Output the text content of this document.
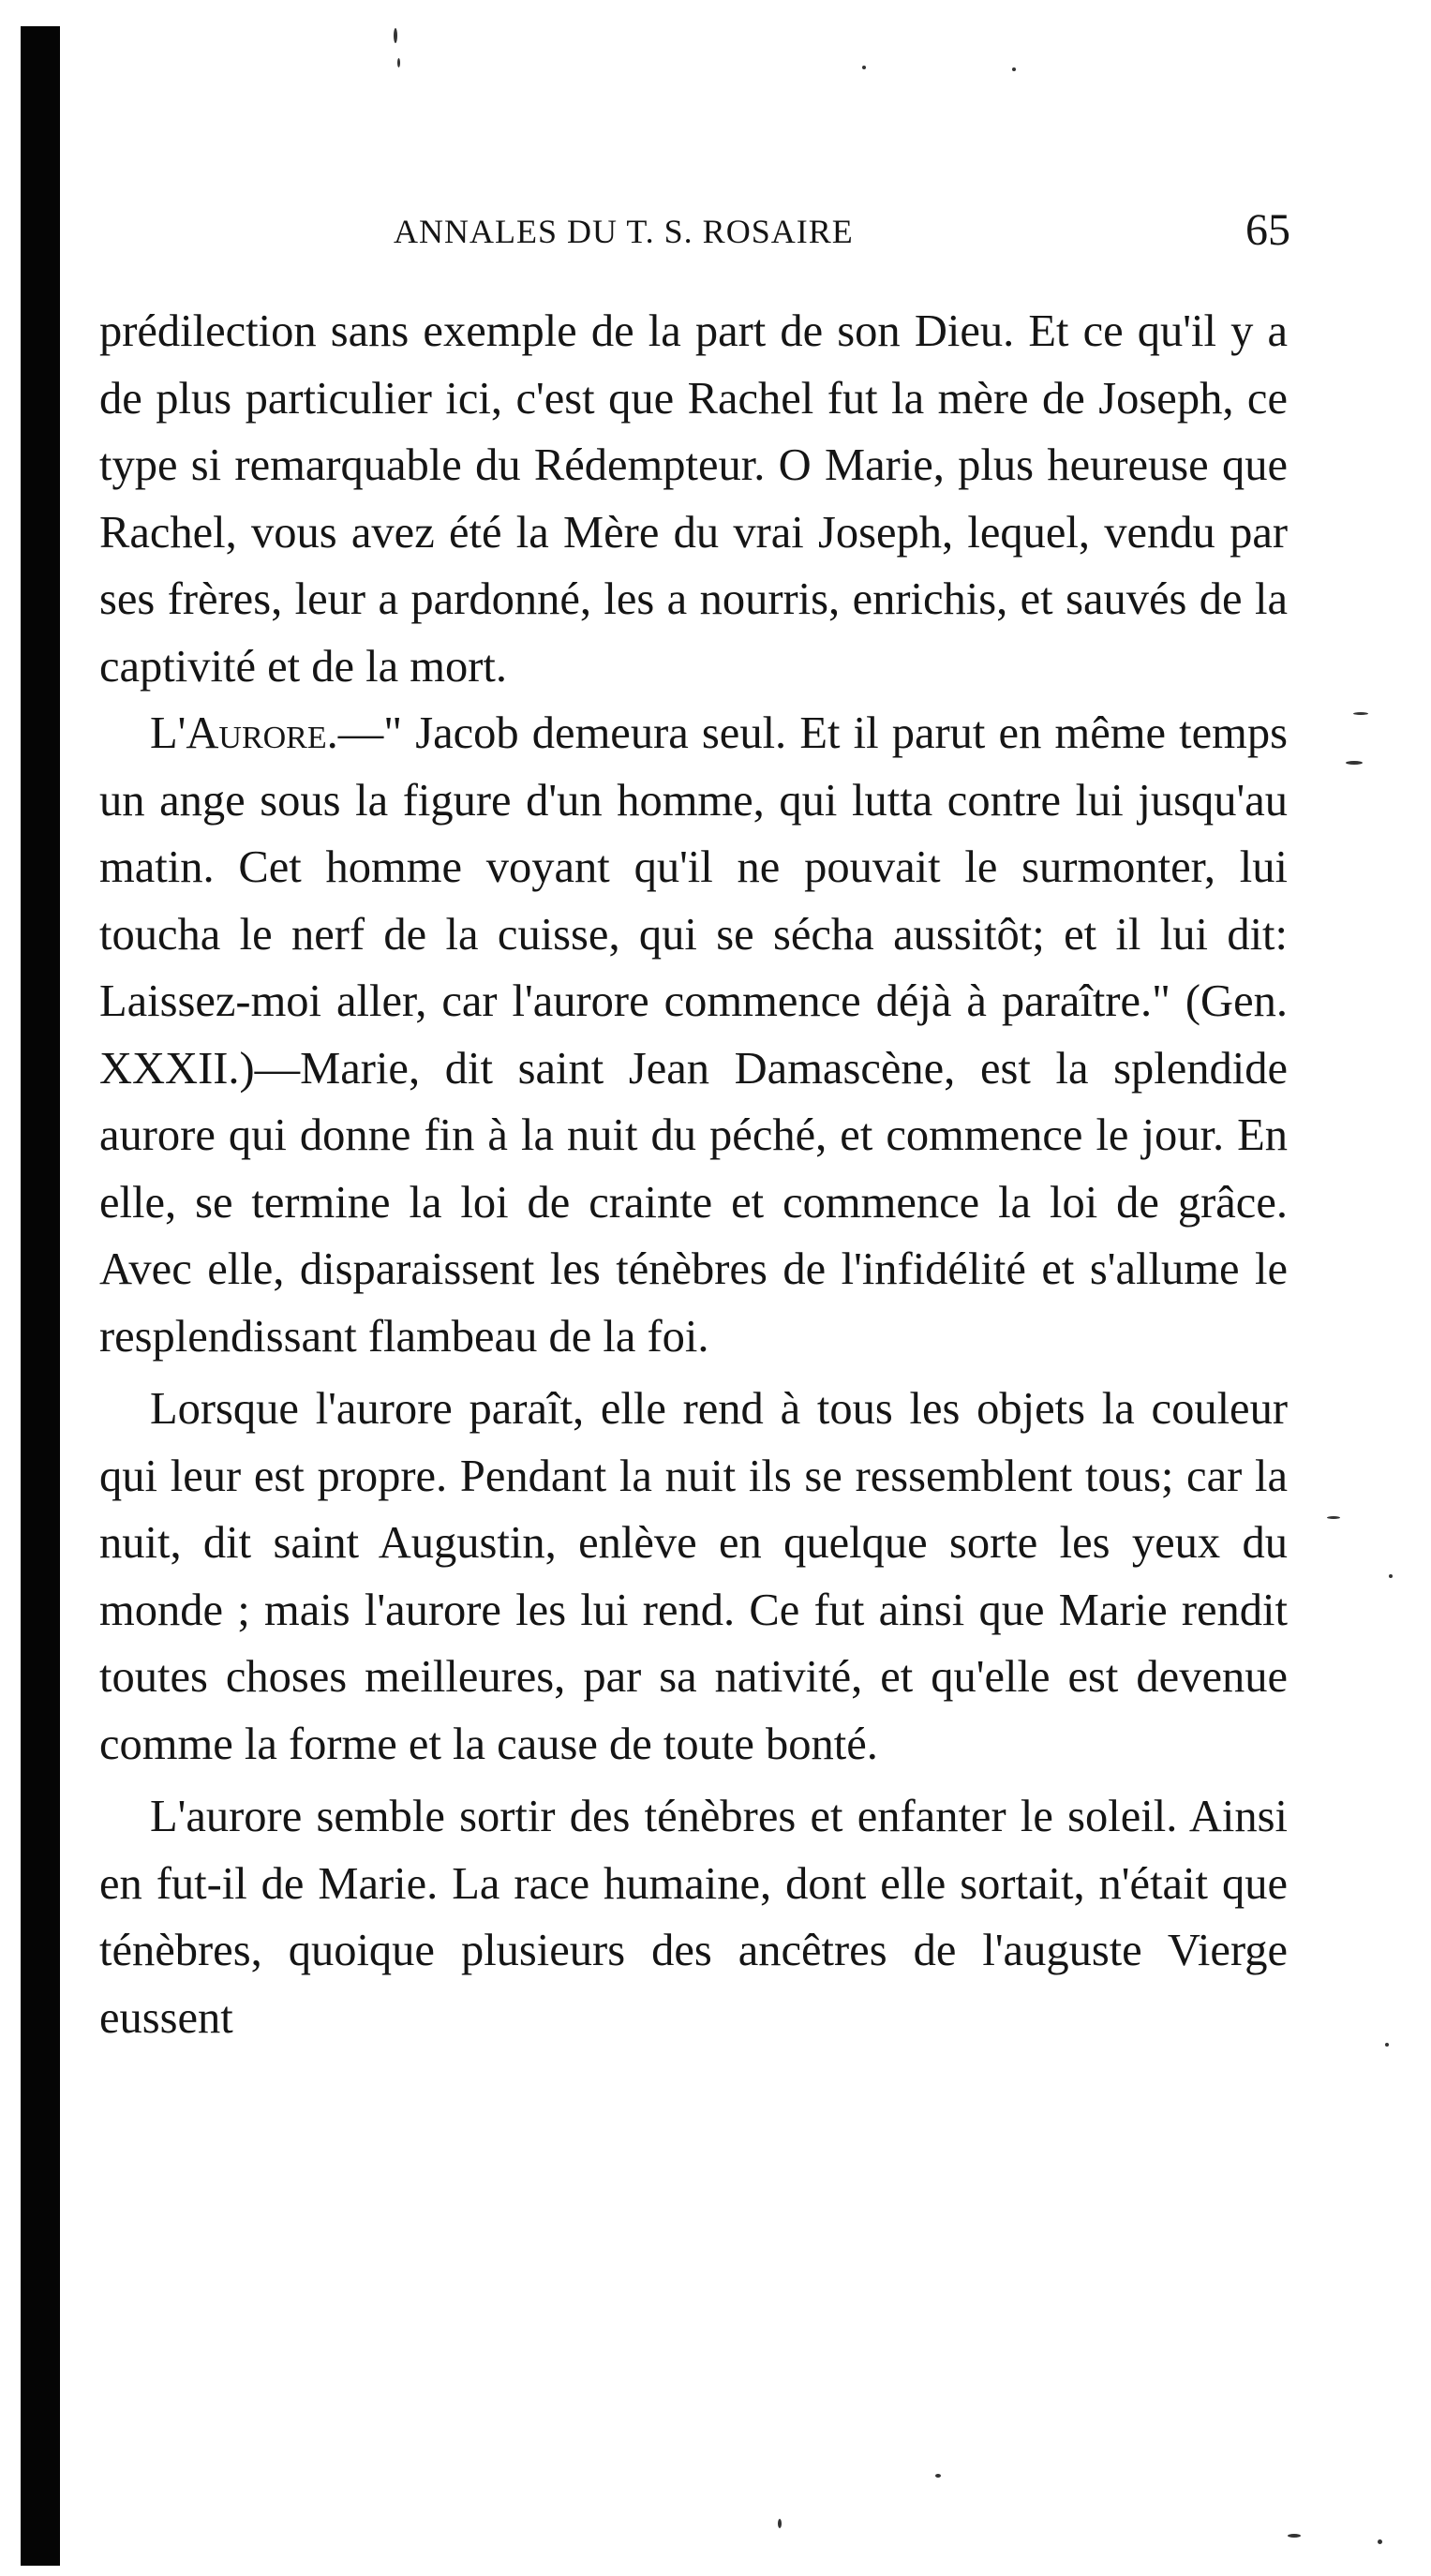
ANNALES DU T. S. ROSAIRE	65

prédilection sans exemple de la part de son Dieu. Et ce qu'il y a de plus particulier ici, c'est que Rachel fut la mère de Joseph, ce type si remarquable du Rédempteur. O Marie, plus heureuse que Rachel, vous avez été la Mère du vrai Joseph, lequel, vendu par ses frères, leur a pardonné, les a nourris, enrichis, et sauvés de la captivité et de la mort.

L'Aurore.—" Jacob demeura seul. Et il parut en même temps un ange sous la figure d'un homme, qui lutta contre lui jusqu'au matin. Cet homme voyant qu'il ne pouvait le surmonter, lui toucha le nerf de la cuisse, qui se sécha aussitôt; et il lui dit: Laissez-moi aller, car l'aurore commence déjà à paraître." (Gen. XXXII.)—Marie, dit saint Jean Damascène, est la splendide aurore qui donne fin à la nuit du péché, et commence le jour. En elle, se termine la loi de crainte et commence la loi de grâce. Avec elle, disparaissent les ténèbres de l'infidélité et s'allume le resplendissant flambeau de la foi.

Lorsque l'aurore paraît, elle rend à tous les objets la couleur qui leur est propre. Pendant la nuit ils se ressemblent tous; car la nuit, dit saint Augustin, enlève en quelque sorte les yeux du monde ; mais l'aurore les lui rend. Ce fut ainsi que Marie rendit toutes choses meilleures, par sa nativité, et qu'elle est devenue comme la forme et la cause de toute bonté.

L'aurore semble sortir des ténèbres et enfanter le soleil. Ainsi en fut-il de Marie. La race humaine, dont elle sortait, n'était que ténèbres, quoique plusieurs des ancêtres de l'auguste Vierge eussent
